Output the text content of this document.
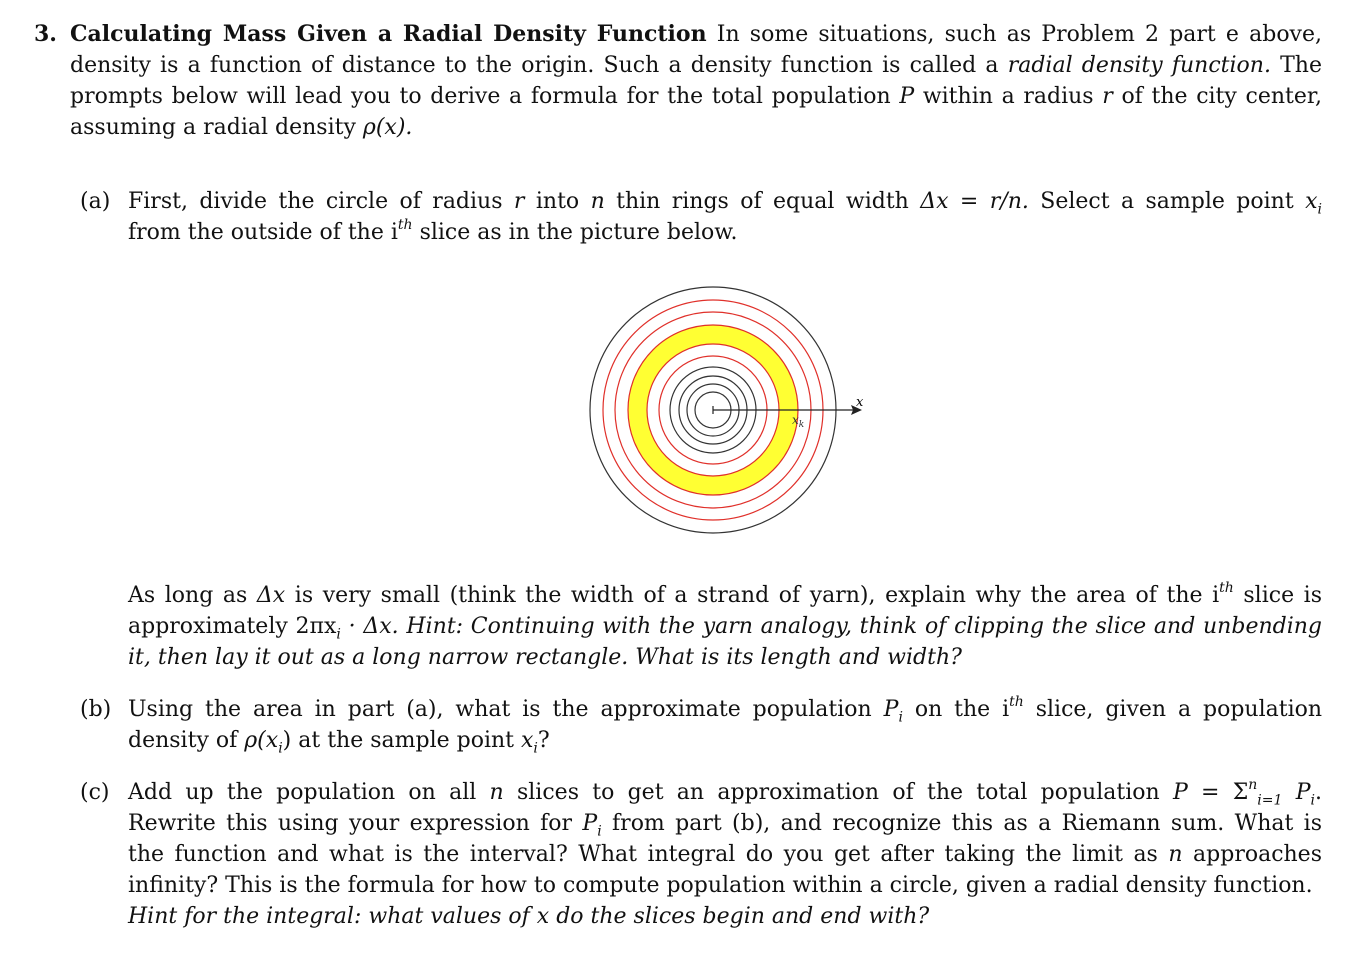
3. Calculating Mass Given a Radial Density Function In some situations, such as Problem 2 part e above,
density is a function of distance to the origin. Such a density function is called a radial density function. The
prompts below will lead you to derive a formula for the total population P within a radius r of the city center,
assuming a radial density ρ(x).
(a) First, divide the circle of radius r into n thin rings of equal width Δx = r/n. Select a sample point $x_i$
from the outside of the $i^{th}$ slice as in the picture below.
x
$x_k$
As long as Δx is very small (think the width of a strand of yarn), explain why the area of the $i^{th}$ slice is
approximately $2\pi x_i \cdot \Delta x$. Hint: Continuing with the yarn analogy, think of clipping the slice and unbending
it, then lay it out as a long narrow rectangle. What is its length and width?
(b) Using the area in part (a), what is the approximate population $P_i$ on the $i^{th}$ slice, given a population
density of $\rho(x_i)$ at the sample point $x_i$?
(c) Add up the population on all n slices to get an approximation of the total population $P = \Sigma^n_{i=1}$ $P_i$.
Rewrite this using your expression for $P_i$ from part (b), and recognize this as a Riemann sum. What is
the function and what is the interval? What integral do you get after taking the limit as n approaches
infinity? This is the formula for how to compute population within a circle, given a radial density function.
Hint for the integral: what values of x do the slices begin and end with?
